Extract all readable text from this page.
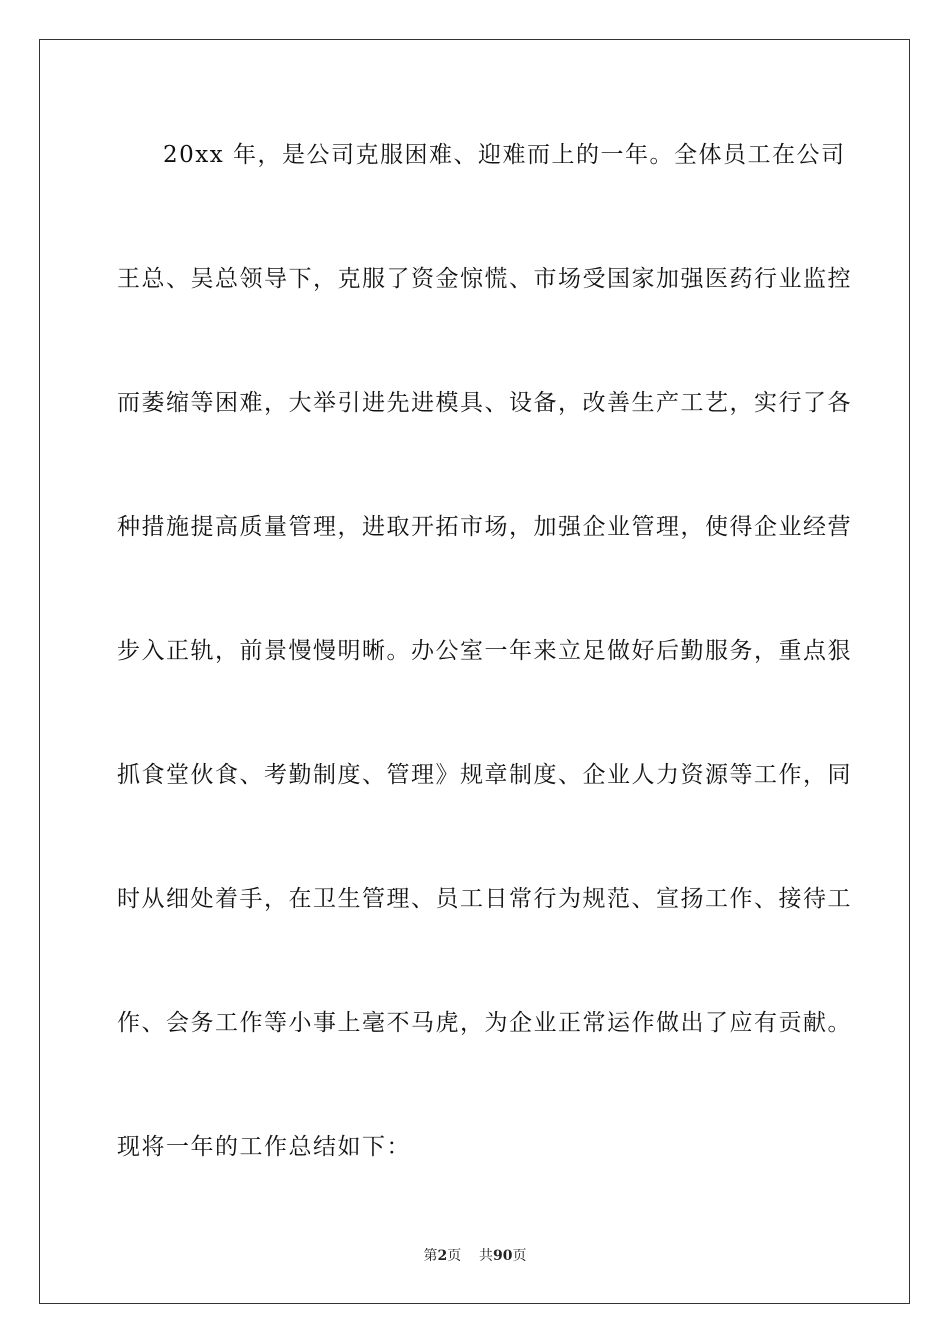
20xx 年，是公司克服困难、迎难而上的一年。全体员工在公司
王总、吴总领导下，克服了资金惊慌、市场受国家加强医药行业监控
而萎缩等困难，大举引进先进模具、设备，改善生产工艺，实行了各
种措施提高质量管理，进取开拓市场，加强企业管理，使得企业经营
步入正轨，前景慢慢明晰。办公室一年来立足做好后勤服务，重点狠
抓食堂伙食、考勤制度、管理》规章制度、企业人力资源等工作，同
时从细处着手，在卫生管理、员工日常行为规范、宣扬工作、接待工
作、会务工作等小事上毫不马虎，为企业正常运作做出了应有贡献。
现将一年的工作总结如下：
第2页 共90页
